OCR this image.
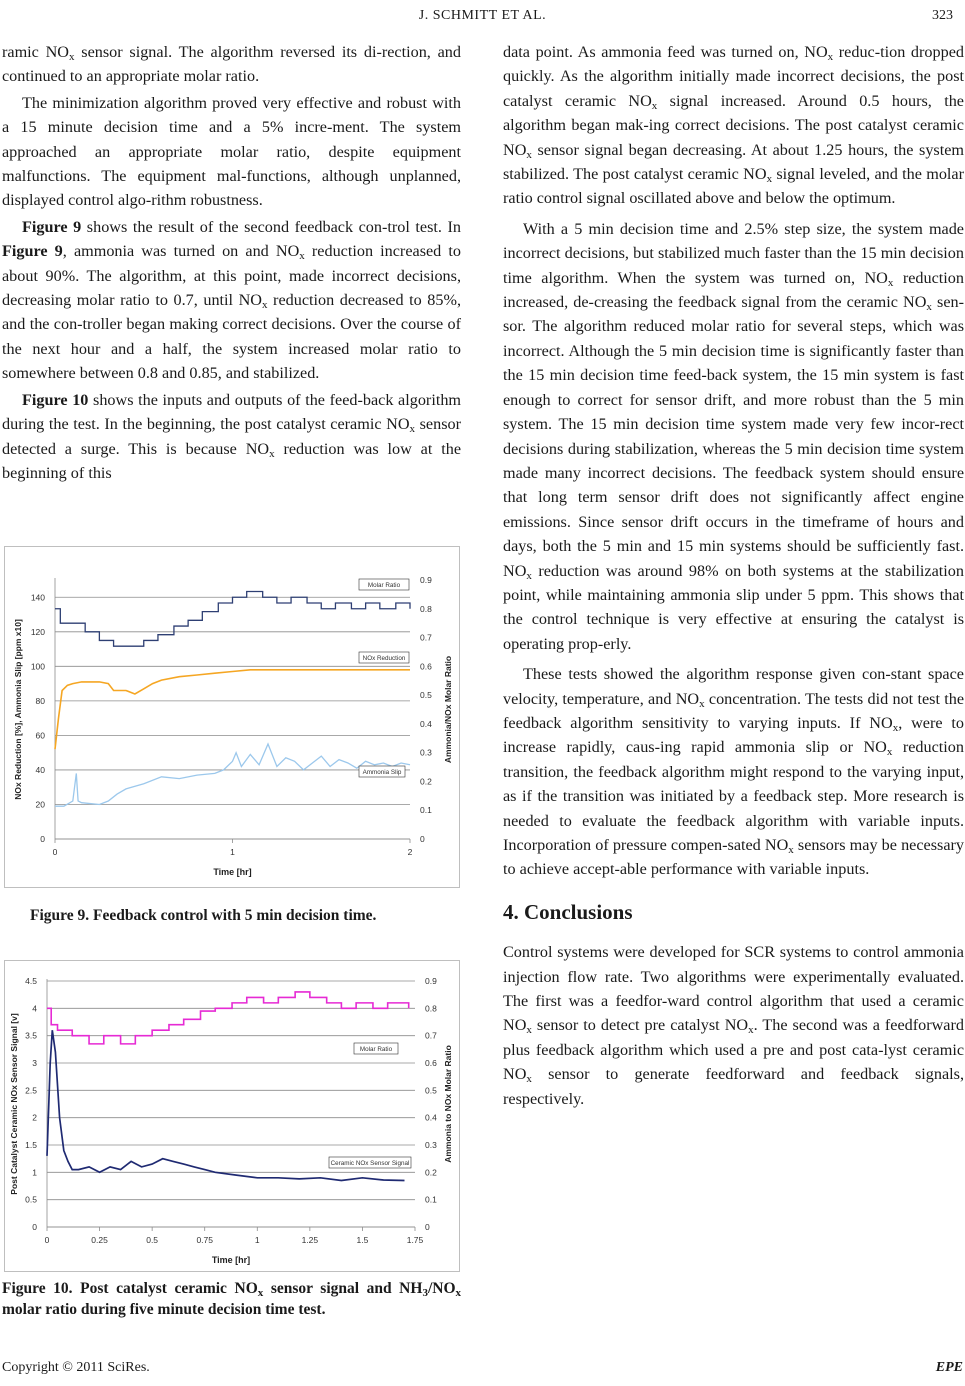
J. SCHMITT ET AL.	323

ramic $NO_x$ sensor signal. The algorithm reversed its di-rection, and continued to an appropriate molar ratio.

The minimization algorithm proved very effective and robust with a 15 minute decision time and a 5% incre-ment. The system approached an appropriate molar ratio, despite equipment malfunctions. The equipment mal-functions, although unplanned, displayed control algo-rithm robustness.

Figure 9 shows the result of the second feedback con-trol test. In Figure 9, ammonia was turned on and $NO_x$ reduction increased to about 90%. The algorithm, at this point, made incorrect decisions, decreasing molar ratio to 0.7, until $NO_x$ reduction decreased to 85%, and the con-troller began making correct decisions. Over the course of the next hour and a half, the system increased molar ratio to somewhere between 0.8 and 0.85, and stabilized.

Figure 10 shows the inputs and outputs of the feed-back algorithm during the test. In the beginning, the post catalyst ceramic $NO_x$ sensor detected a surge. This is because $NO_x$ reduction was low at the beginning of this

0
20
40
60
80
100
120
140
0
0.1
0.2
0.3
0.4
0.5
0.6
0.7
0.8
0.9
0	1	2
Time [hr]
NOx Reduction [%], Ammonia Slip [ppm x10]	Ammonia/NOx Molar Ratio
Molar Ratio
NOx Reduction
Ammonia Slip
Figure 9. Feedback control with 5 min decision time.
0
0.5
1
1.5
2
2.5
3
3.5
4
4.5
0
0.1
0.2
0.3
0.4
0.5
0.6
0.7
0.8
0.9
0	0.25	0.5	0.75	1	1.25	1.5	1.75
Time [hr]
Post Catalyst Ceramic NOx Sensor Signal [v]	Ammonia to NOx Molar Ratio
Molar Ratio
Ceramic NOx Sensor Signal
Figure 10. Post catalyst ceramic $NO_x$ sensor signal and $NH_3/NO_x$ molar ratio during five minute decision time test.

data point. As ammonia feed was turned on, $NO_x$ reduc-tion dropped quickly. As the algorithm initially made incorrect decisions, the post catalyst ceramic $NO_x$ signal increased. Around 0.5 hours, the algorithm began mak-ing correct decisions. The post catalyst ceramic $NO_x$ sensor signal began decreasing. At about 1.25 hours, the system stabilized. The post catalyst ceramic $NO_x$ signal leveled, and the molar ratio control signal oscillated above and below the optimum.

With a 5 min decision time and 2.5% step size, the system made incorrect decisions, but stabilized much faster than the 15 min decision time algorithm. When the system was turned on, $NO_x$ reduction increased, de-creasing the feedback signal from the ceramic $NO_x$ sen-sor. The algorithm reduced molar ratio for several steps, which was incorrect. Although the 5 min decision time is significantly faster than the 15 min decision time feed-back system, the 15 min system is fast enough to correct for sensor drift, and more robust than the 5 min system. The 15 min decision time system made very few incor-rect decisions during stabilization, whereas the 5 min decision time system made many incorrect decisions. The feedback system should ensure that long term sensor drift does not significantly affect engine emissions. Since sensor drift occurs in the timeframe of hours and days, both the 5 min and 15 min systems should be sufficiently fast. $NO_x$ reduction was around 98% on both systems at the stabilization point, while maintaining ammonia slip under 5 ppm. This shows that the control technique is very effective at ensuring the catalyst is operating prop-erly.

These tests showed the algorithm response given con-stant space velocity, temperature, and $NO_x$ concentration. The tests did not test the feedback algorithm sensitivity to varying inputs. If $NO_x$, were to increase rapidly, caus-ing rapid ammonia slip or $NO_x$ reduction transition, the feedback algorithm might respond to the varying input, as if the transition was initiated by a feedback step. More research is needed to evaluate the feedback algorithm with variable inputs. Incorporation of pressure compen-sated $NO_x$ sensors may be necessary to achieve accept-able performance with variable inputs.

4. Conclusions

Control systems were developed for SCR systems to control ammonia injection flow rate. Two algorithms were experimentally evaluated. The first was a feedfor-ward control algorithm that used a ceramic $NO_x$ sensor to detect pre catalyst $NO_x$. The second was a feedforward plus feedback algorithm which used a pre and post cata-lyst ceramic $NO_x$ sensor to generate feedforward and feedback signals, respectively.

Copyright © 2011 SciRes.	EPE
